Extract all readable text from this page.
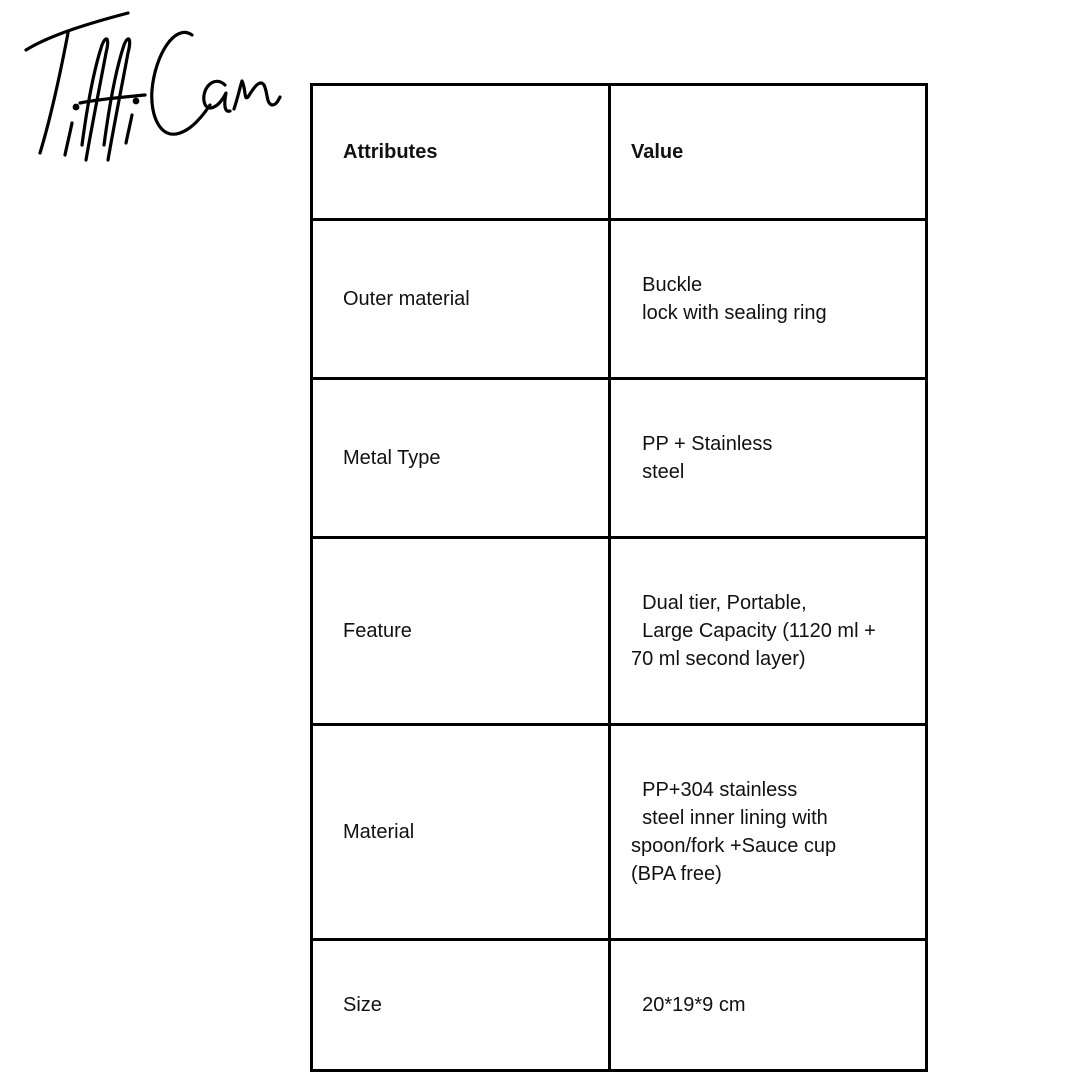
Attributes	Value
Outer material	Buckle
lock with sealing ring
Metal Type	PP + Stainless
steel
Feature	Dual tier, Portable,
Large Capacity (1120 ml +
70 ml second layer)
Material	PP+304 stainless
steel inner lining with
spoon/fork +Sauce cup
(BPA free)
Size	20*19*9 cm
